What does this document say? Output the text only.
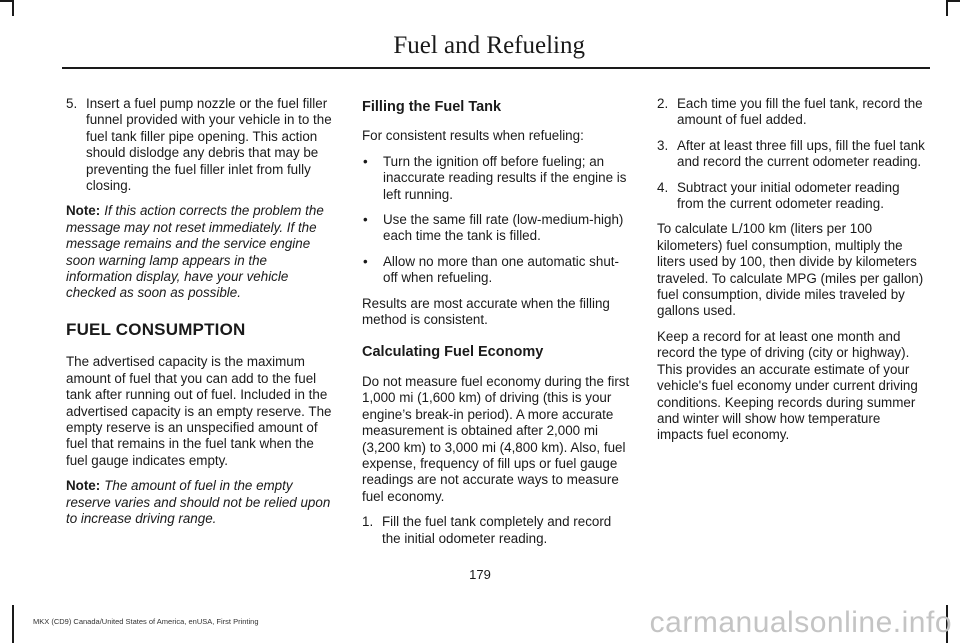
Fuel and Refueling
5. Insert a fuel pump nozzle or the fuel filler funnel provided with your vehicle in to the fuel tank filler pipe opening. This action should dislodge any debris that may be preventing the fuel filler inlet from fully closing.

Note: If this action corrects the problem the message may not reset immediately. If the message remains and the service engine soon warning lamp appears in the information display, have your vehicle checked as soon as possible.

FUEL CONSUMPTION

The advertised capacity is the maximum amount of fuel that you can add to the fuel tank after running out of fuel. Included in the advertised capacity is an empty reserve. The empty reserve is an unspecified amount of fuel that remains in the fuel tank when the fuel gauge indicates empty.

Note: The amount of fuel in the empty reserve varies and should not be relied upon to increase driving range.

Filling the Fuel Tank

For consistent results when refueling:

•	Turn the ignition off before fueling; an inaccurate reading results if the engine is left running.
•	Use the same fill rate (low-medium-high) each time the tank is filled.
•	Allow no more than one automatic shut-off when refueling.

Results are most accurate when the filling method is consistent.

Calculating Fuel Economy

Do not measure fuel economy during the first 1,000 mi (1,600 km) of driving (this is your engine’s break-in period). A more accurate measurement is obtained after 2,000 mi (3,200 km) to 3,000 mi (4,800 km). Also, fuel expense, frequency of fill ups or fuel gauge readings are not accurate ways to measure fuel economy.

1. Fill the fuel tank completely and record the initial odometer reading.
2. Each time you fill the fuel tank, record the amount of fuel added.
3. After at least three fill ups, fill the fuel tank and record the current odometer reading.
4. Subtract your initial odometer reading from the current odometer reading.

To calculate L/100 km (liters per 100 kilometers) fuel consumption, multiply the liters used by 100, then divide by kilometers traveled. To calculate MPG (miles per gallon) fuel consumption, divide miles traveled by gallons used.

Keep a record for at least one month and record the type of driving (city or highway). This provides an accurate estimate of your vehicle's fuel economy under current driving conditions. Keeping records during summer and winter will show how temperature impacts fuel economy.

179
MKX (CD9) Canada/United States of America, enUSA, First Printing	carmanualsonline.info
